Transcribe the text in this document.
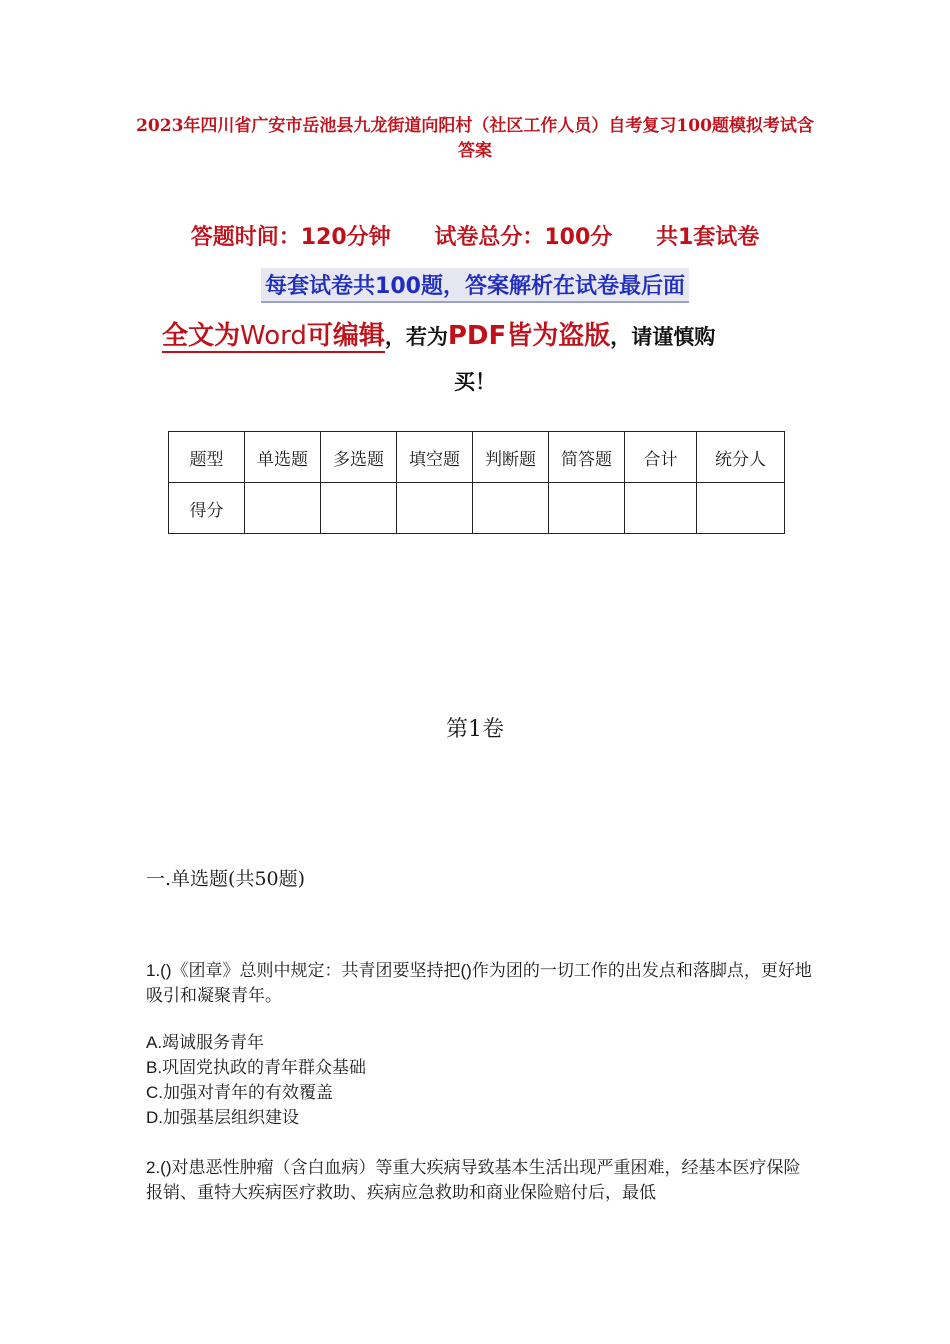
2023年四川省广安市岳池县九龙街道向阳村（社区工作人员）自考复习100题模拟考试含答案
答题时间：120分钟 试卷总分：100分 共1套试卷
每套试卷共100题，答案解析在试卷最后面
全文为Word可编辑，若为PDF皆为盗版，请谨慎购
买！
题型	单选题	多选题	填空题	判断题	简答题	合计	统分人
得分							
第1卷
一.单选题(共50题)
1.()《团章》总则中规定：共青团要坚持把()作为团的一切工作的出发点和落脚点，更好地吸引和凝聚青年。
A.竭诚服务青年
B.巩固党执政的青年群众基础
C.加强对青年的有效覆盖
D.加强基层组织建设
2.()对患恶性肿瘤（含白血病）等重大疾病导致基本生活出现严重困难，经基本医疗保险报销、重特大疾病医疗救助、疾病应急救助和商业保险赔付后，最低
